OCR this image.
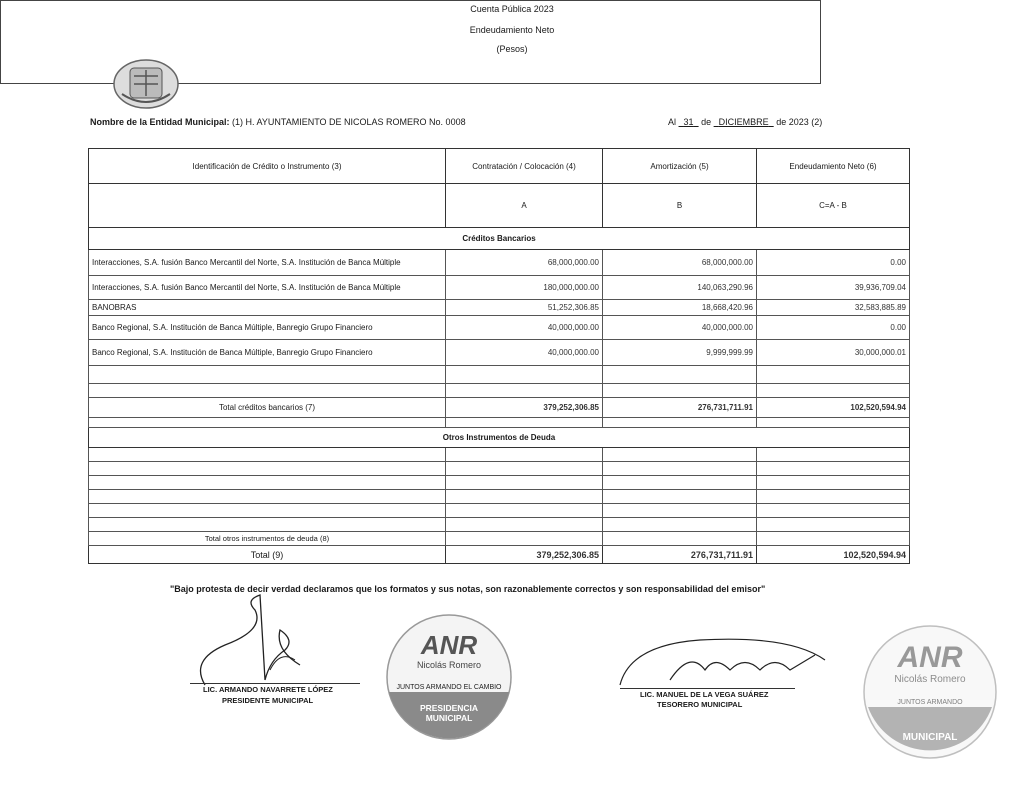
Cuenta Pública 2023
Endeudamiento Neto
(Pesos)
Nombre de la Entidad Municipal: (1) H. AYUNTAMIENTO DE NICOLAS ROMERO No. 0008	Al 31 de DICIEMBRE de 2023 (2)
Identificación de Crédito o Instrumento (3)	Contratación / Colocación (4)	Amortización (5)	Endeudamiento Neto (6)
	A	B	C=A - B
Créditos Bancarios			
Interacciones, S.A. fusión Banco Mercantil del Norte, S.A. Institución de Banca Múltiple	68,000,000.00	68,000,000.00	0.00
Interacciones, S.A. fusión Banco Mercantil del Norte, S.A. Institución de Banca Múltiple	180,000,000.00	140,063,290.96	39,936,709.04
BANOBRAS	51,252,306.85	18,668,420.96	32,583,885.89
Banco Regional, S.A. Institución de Banca Múltiple, Banregio Grupo Financiero	40,000,000.00	40,000,000.00	0.00
Banco Regional, S.A. Institución de Banca Múltiple, Banregio Grupo Financiero	40,000,000.00	9,999,999.99	30,000,000.01

Total créditos bancarios (7)	379,252,306.85	276,731,711.91	102,520,594.94

Otros Instrumentos de Deuda			

Total otros instrumentos de deuda (8)			
Total (9)	379,252,306.85	276,731,711.91	102,520,594.94
"Bajo protesta de decir verdad declaramos que los formatos y sus notas, son razonablemente correctos y son responsabilidad del emisor"
LIC. ARMANDO NAVARRETE LÓPEZ
PRESIDENTE MUNICIPAL
ANR
Nicolás Romero
JUNTOS ARMANDO EL CAMBIO
PRESIDENCIA
MUNICIPAL
LIC. MANUEL DE LA VEGA SUÁREZ
TESORERO MUNICIPAL
ANR
Nicolás Romero
JUNTOS ARMANDO
MUNICIPAL
